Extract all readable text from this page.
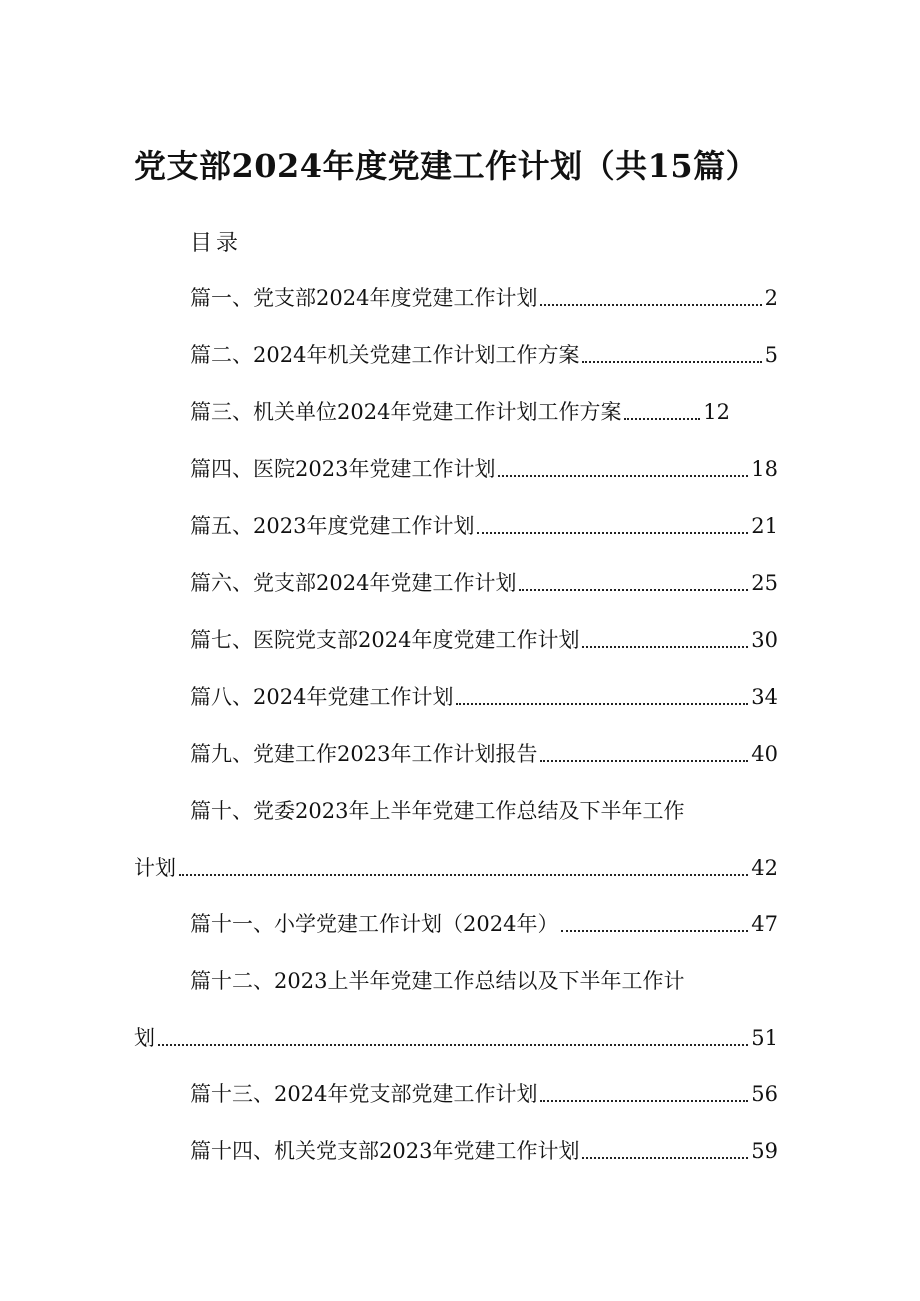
党支部2024年度党建工作计划（共15篇）
目录
篇一、党支部2024年度党建工作计划	2
篇二、2024年机关党建工作计划工作方案	5
篇三、机关单位2024年党建工作计划工作方案	12
篇四、医院2023年党建工作计划	18
篇五、2023年度党建工作计划	21
篇六、党支部2024年党建工作计划	25
篇七、医院党支部2024年度党建工作计划	30
篇八、2024年党建工作计划	34
篇九、党建工作2023年工作计划报告	40
篇十、党委2023年上半年党建工作总结及下半年工作
计划	42
篇十一、小学党建工作计划（2024年）	47
篇十二、2023上半年党建工作总结以及下半年工作计
划	51
篇十三、2024年党支部党建工作计划	56
篇十四、机关党支部2023年党建工作计划	59
